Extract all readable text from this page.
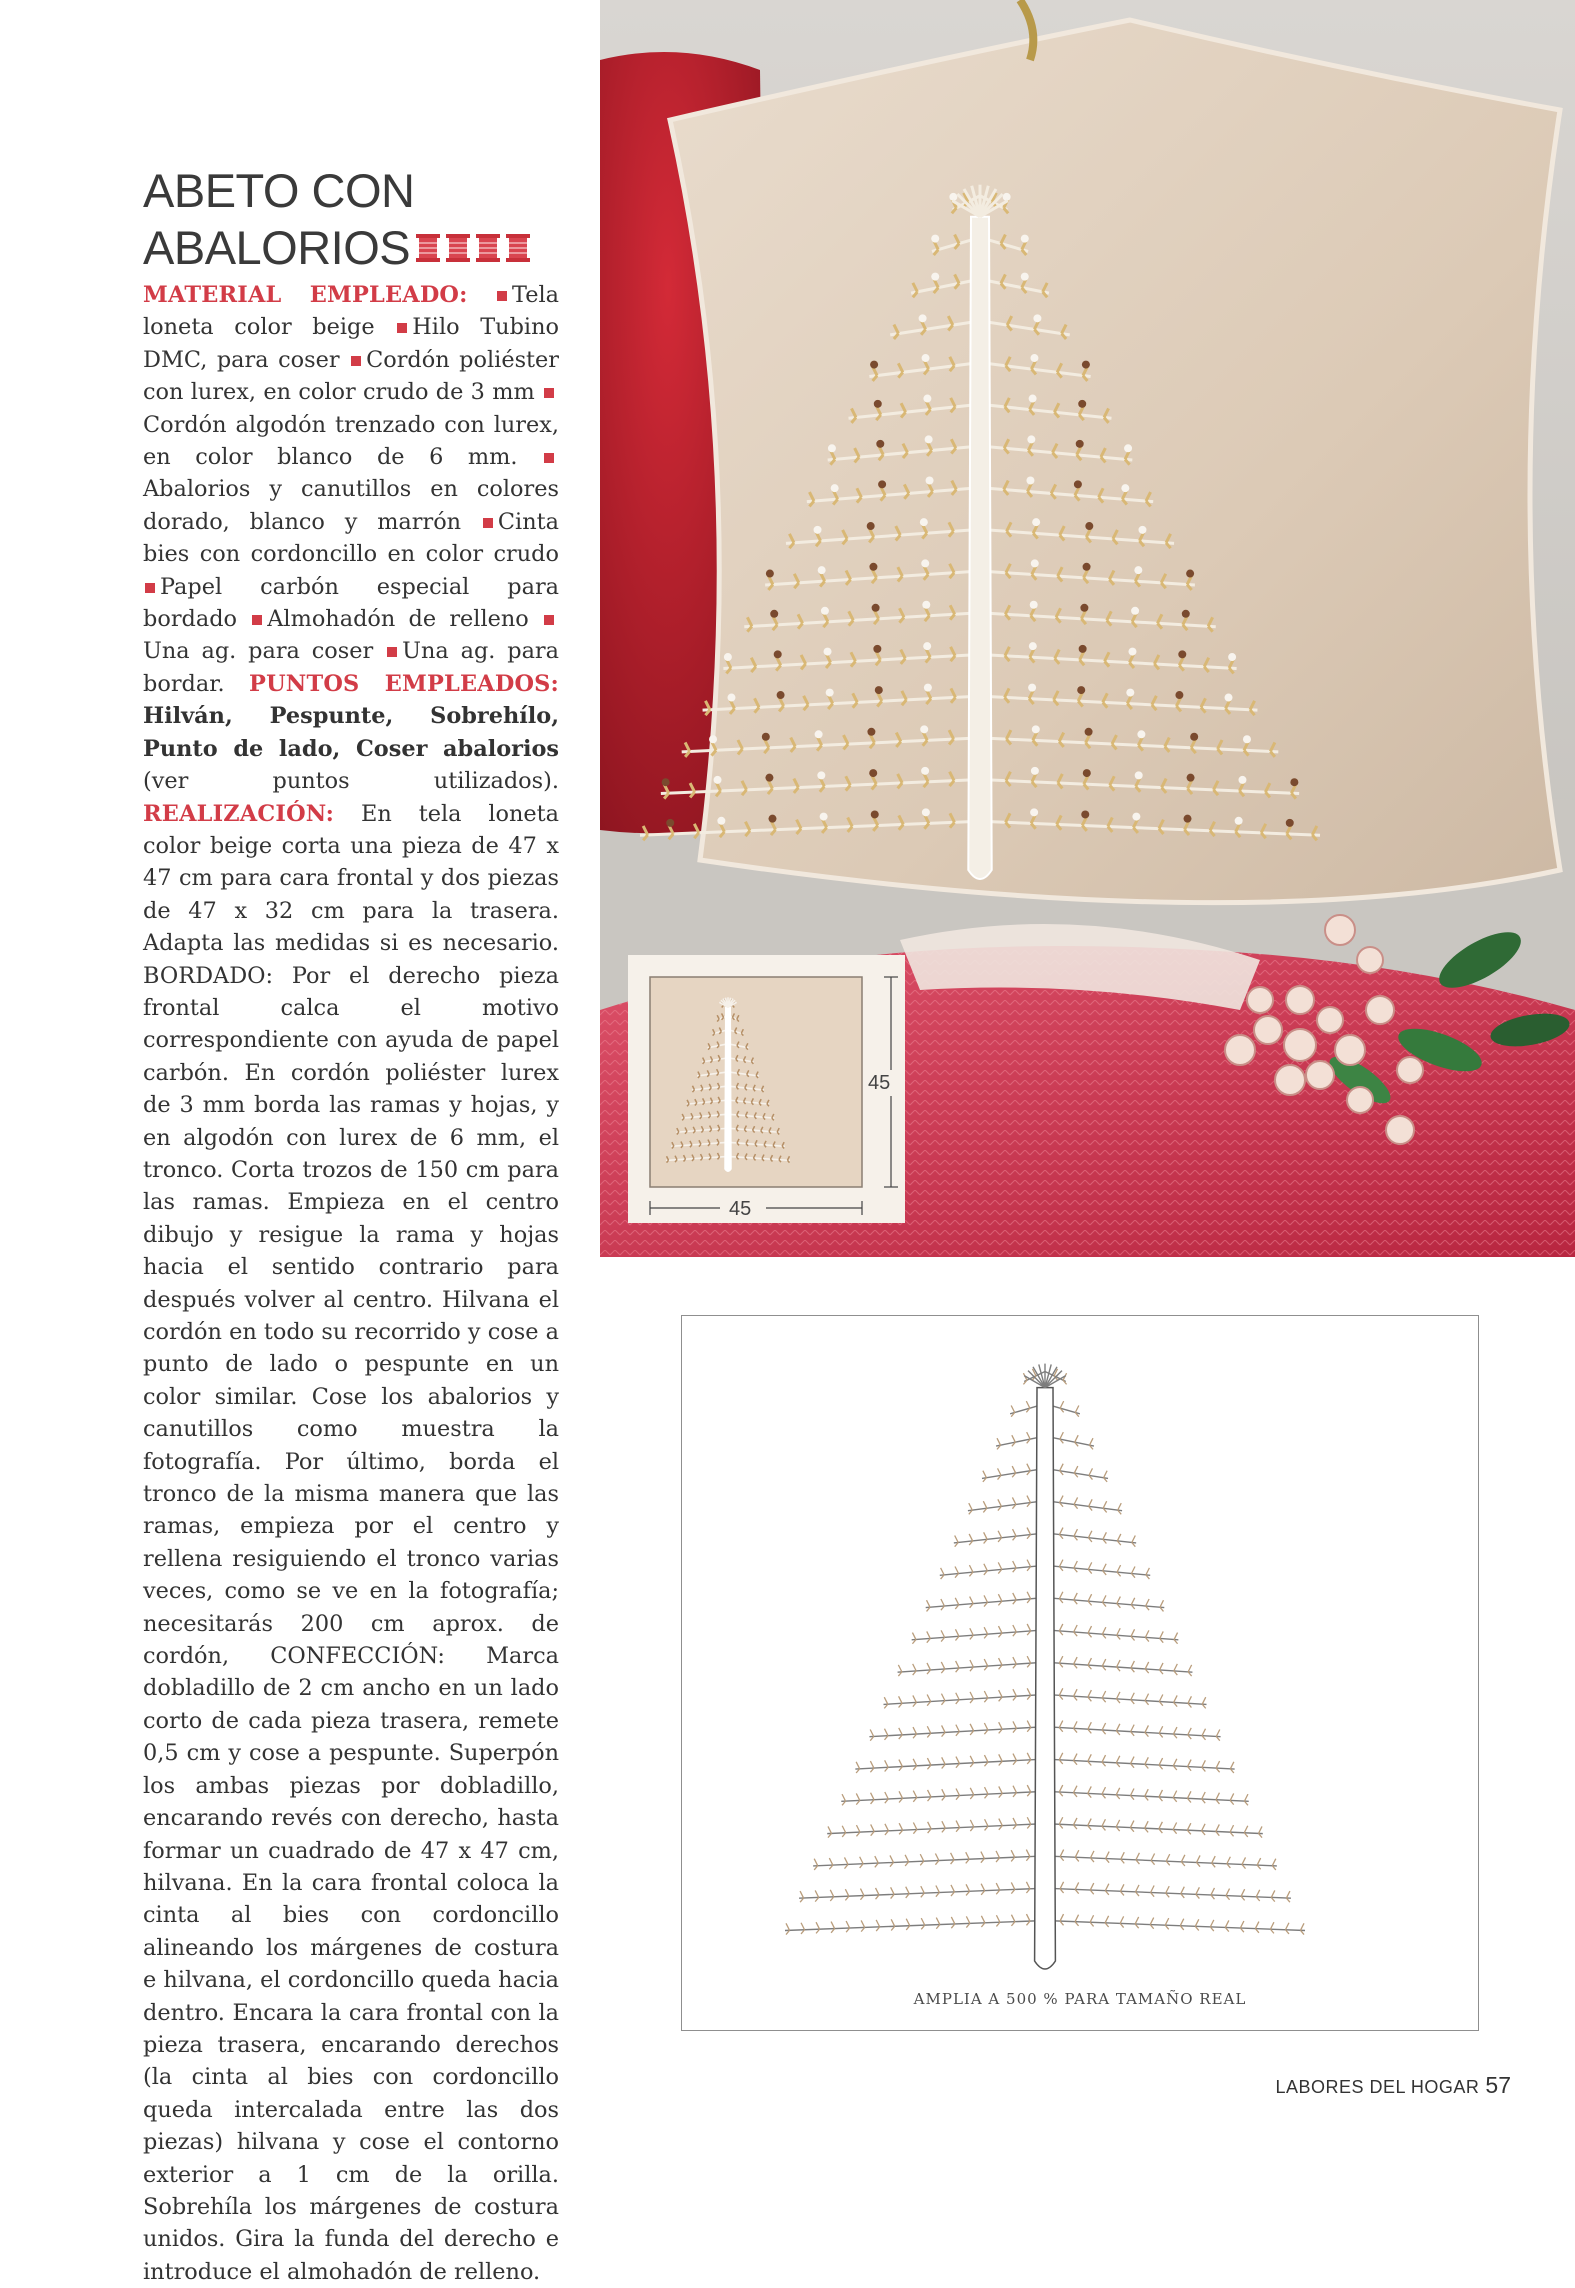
ABETO CON
ABALORIOS

MATERIAL EMPLEADO: Tela loneta color beige Hilo Tubino DMC, para coser Cordón poliéster con lurex, en color crudo de 3 mm Cordón algodón trenzado con lurex, en color blanco de 6 mm. Abalorios y canutillos en colores dorado, blanco y marrón Cinta bies con cordoncillo en color crudo Papel carbón especial para bordado Almohadón de relleno Una ag. para coser Una ag. para bordar. PUNTOS EMPLEADOS: Hilván, Pespunte, Sobrehílo, Punto de lado, Coser abalorios (ver puntos utilizados). REALIZACIÓN: En tela loneta color beige corta una pieza de 47 x 47 cm para cara frontal y dos piezas de 47 x 32 cm para la trasera. Adapta las medidas si es necesario. BORDADO: Por el derecho pieza frontal calca el motivo correspondiente con ayuda de papel carbón. En cordón poliéster lurex de 3 mm borda las ramas y hojas, y en algodón con lurex de 6 mm, el tronco. Corta trozos de 150 cm para las ramas. Empieza en el centro dibujo y resigue la rama y hojas hacia el sentido contrario para después volver al centro. Hilvana el cordón en todo su recorrido y cose a punto de lado o pespunte en un color similar. Cose los abalorios y canutillos como muestra la fotografía. Por último, borda el tronco de la misma manera que las ramas, empieza por el centro y rellena resiguiendo el tronco varias veces, como se ve en la fotografía; necesitarás 200 cm aprox. de cordón, CONFECCIÓN: Marca dobladillo de 2 cm ancho en un lado corto de cada pieza trasera, remete 0,5 cm y cose a pespunte. Superpón los ambas piezas por dobladillo, encarando revés con derecho, hasta formar un cuadrado de 47 x 47 cm, hilvana. En la cara frontal coloca la cinta al bies con cordoncillo alineando los márgenes de costura e hilvana, el cordoncillo queda hacia dentro. Encara la cara frontal con la pieza trasera, encarando derechos (la cinta al bies con cordoncillo queda intercalada entre las dos piezas) hilvana y cose el contorno exterior a 1 cm de la orilla. Sobrehíla los márgenes de costura unidos. Gira la funda del derecho e introduce el almohadón de relleno.

45
45
AMPLIA A 500 % PARA TAMAÑO REAL
LABORES DEL HOGAR 57
